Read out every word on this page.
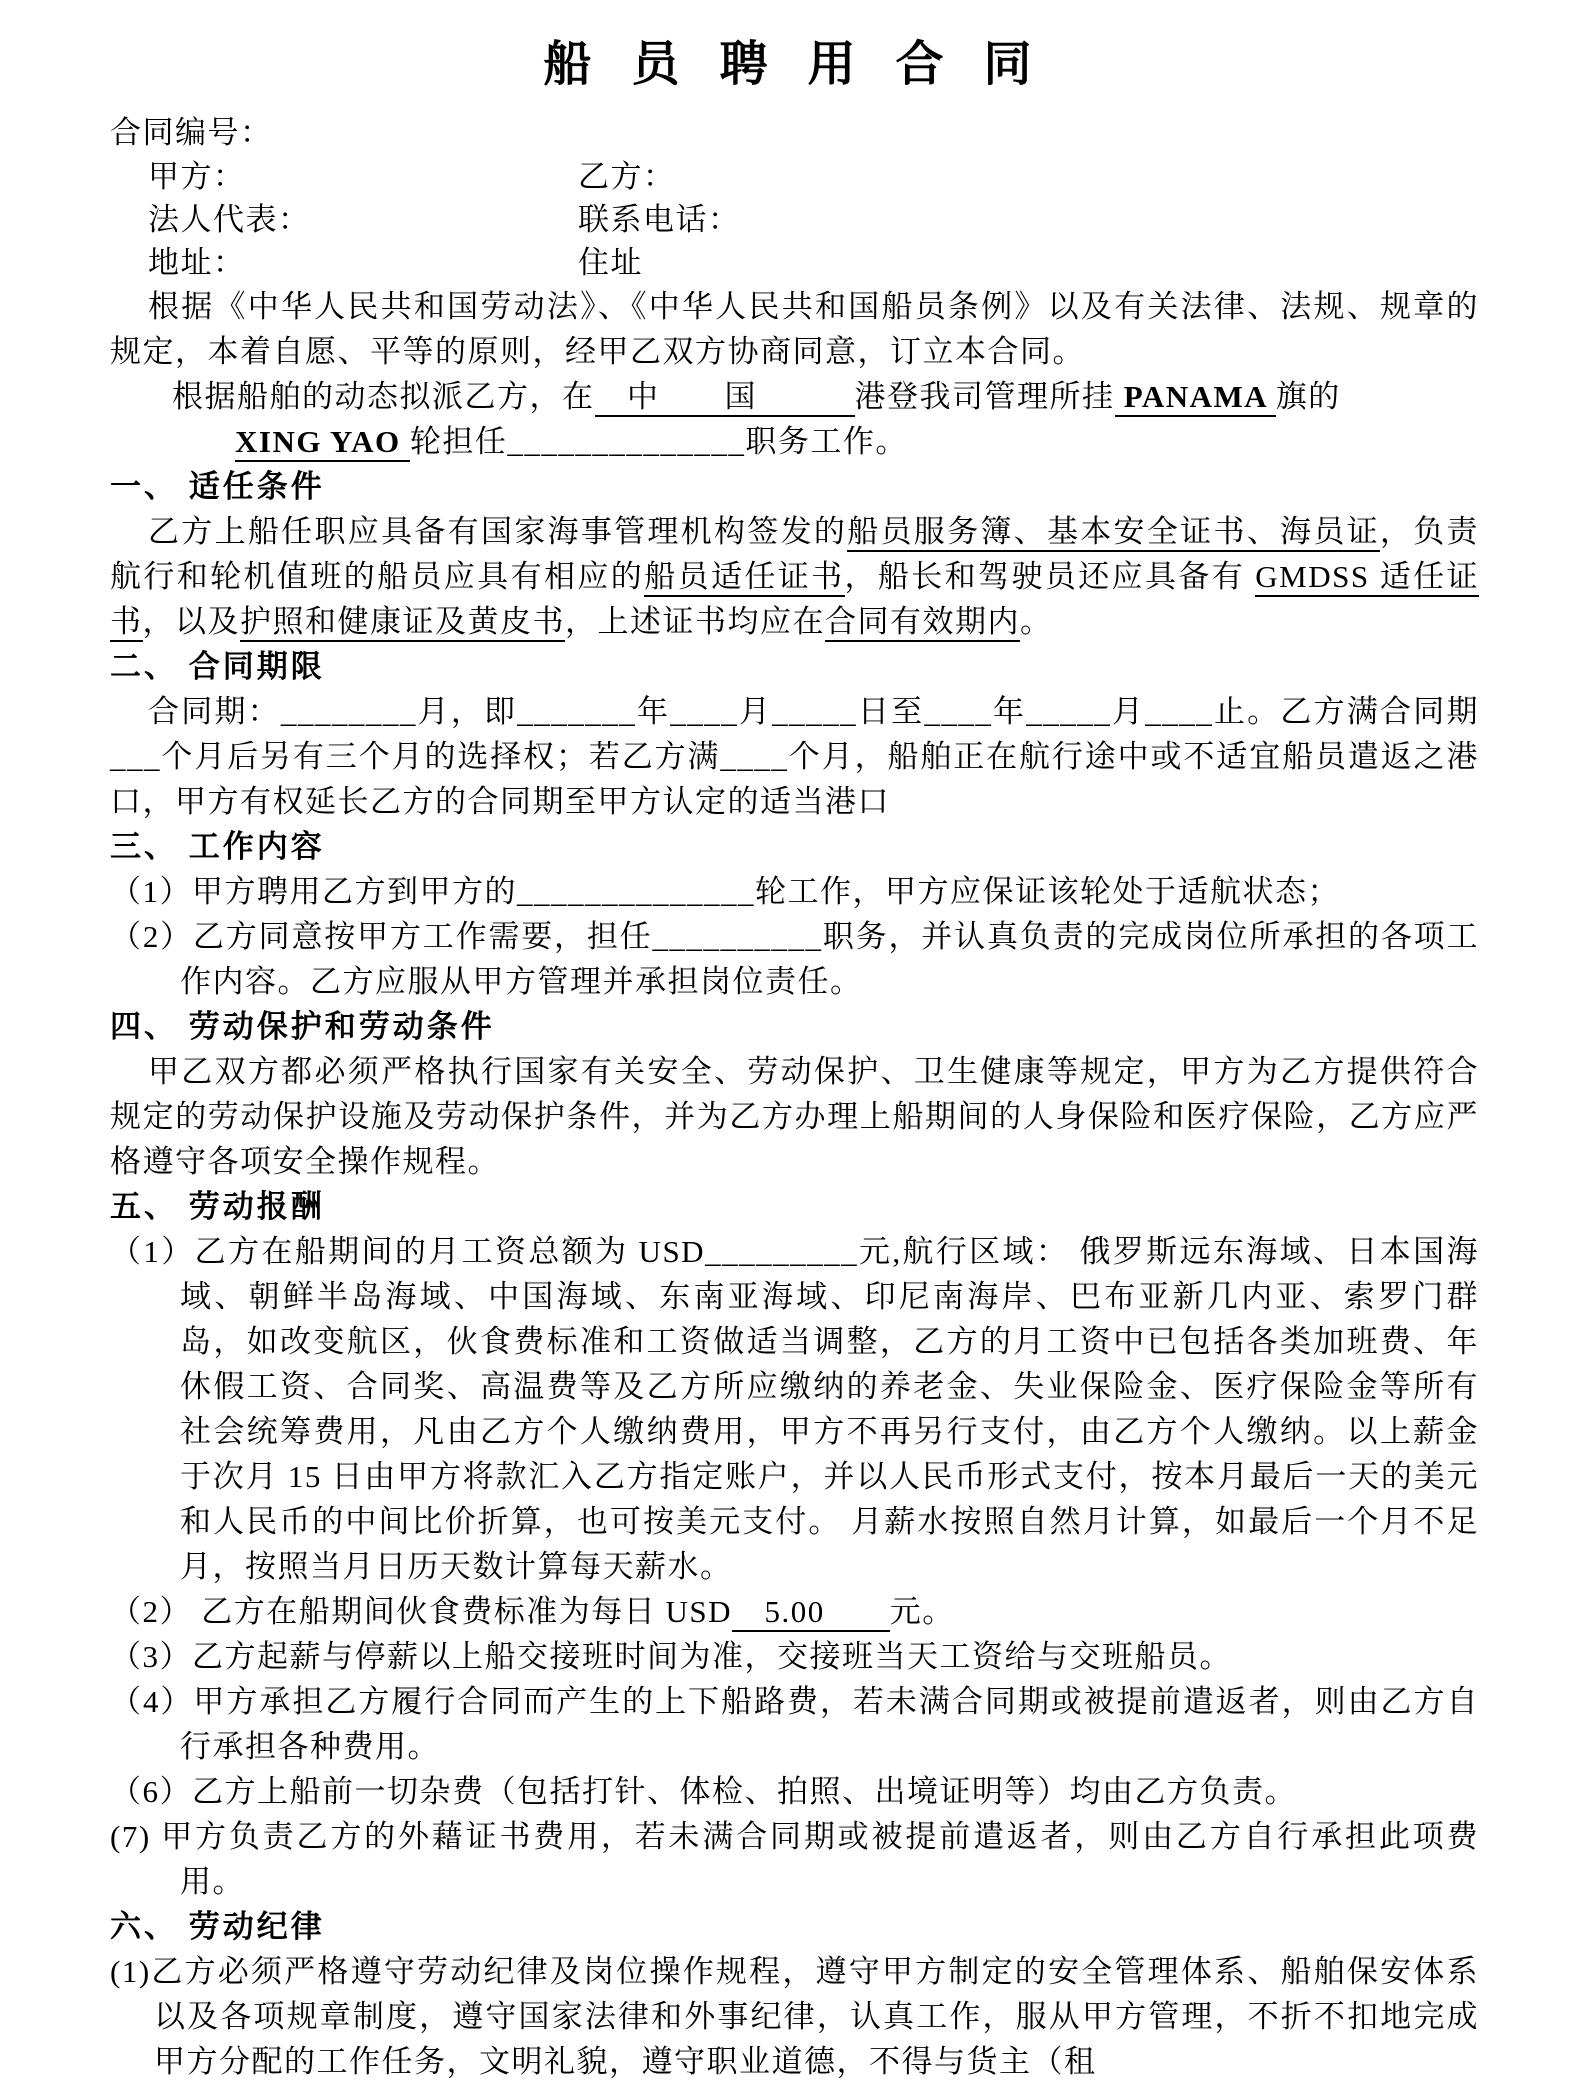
船 员 聘 用 合 同
合同编号：
甲方：	乙方：
法人代表：	联系电话：
地址：	住址

根据《中华人民共和国劳动法》、《中华人民共和国船员条例》以及有关法律、法规、规章的规定，本着自愿、平等的原则，经甲乙双方协商同意，订立本合同。

根据船舶的动态拟派乙方，在　中　　国　　　港登我司管理所挂 PANAMA 旗的

XING YAO 轮担任______________职务工作。

一、 适任条件

乙方上船任职应具备有国家海事管理机构签发的船员服务簿、基本安全证书、海员证，负责航行和轮机值班的船员应具有相应的船员适任证书，船长和驾驶员还应具备有 GMDSS 适任证书，以及护照和健康证及黄皮书，上述证书均应在合同有效期内。

二、 合同期限

合同期：________月，即_______年____月_____日至____年_____月____止。乙方满合同期___个月后另有三个月的选择权；若乙方满____个月，船舶正在航行途中或不适宜船员遣返之港口，甲方有权延长乙方的合同期至甲方认定的适当港口

三、 工作内容

（1）甲方聘用乙方到甲方的______________轮工作，甲方应保证该轮处于适航状态；

（2）乙方同意按甲方工作需要，担任__________职务，并认真负责的完成岗位所承担的各项工作内容。乙方应服从甲方管理并承担岗位责任。

四、 劳动保护和劳动条件

甲乙双方都必须严格执行国家有关安全、劳动保护、卫生健康等规定，甲方为乙方提供符合规定的劳动保护设施及劳动保护条件，并为乙方办理上船期间的人身保险和医疗保险，乙方应严格遵守各项安全操作规程。

五、 劳动报酬

（1）乙方在船期间的月工资总额为 USD_________元,航行区域： 俄罗斯远东海域、日本国海域、朝鲜半岛海域、中国海域、东南亚海域、印尼南海岸、巴布亚新几内亚、索罗门群岛，如改变航区，伙食费标准和工资做适当调整，乙方的月工资中已包括各类加班费、年休假工资、合同奖、高温费等及乙方所应缴纳的养老金、失业保险金、医疗保险金等所有社会统筹费用，凡由乙方个人缴纳费用，甲方不再另行支付，由乙方个人缴纳。以上薪金于次月 15 日由甲方将款汇入乙方指定账户，并以人民币形式支付，按本月最后一天的美元和人民币的中间比价折算，也可按美元支付。 月薪水按照自然月计算，如最后一个月不足月，按照当月日历天数计算每天薪水。

（2） 乙方在船期间伙食费标准为每日 USD　5.00　　元。

（3）乙方起薪与停薪以上船交接班时间为准，交接班当天工资给与交班船员。

（4）甲方承担乙方履行合同而产生的上下船路费，若未满合同期或被提前遣返者，则由乙方自行承担各种费用。

（6）乙方上船前一切杂费（包括打针、体检、拍照、出境证明等）均由乙方负责。

(7) 甲方负责乙方的外藉证书费用，若未满合同期或被提前遣返者，则由乙方自行承担此项费用。

六、 劳动纪律

(1)乙方必须严格遵守劳动纪律及岗位操作规程，遵守甲方制定的安全管理体系、船舶保安体系以及各项规章制度，遵守国家法律和外事纪律，认真工作，服从甲方管理，不折不扣地完成甲方分配的工作任务，文明礼貌，遵守职业道德，不得与货主（租
